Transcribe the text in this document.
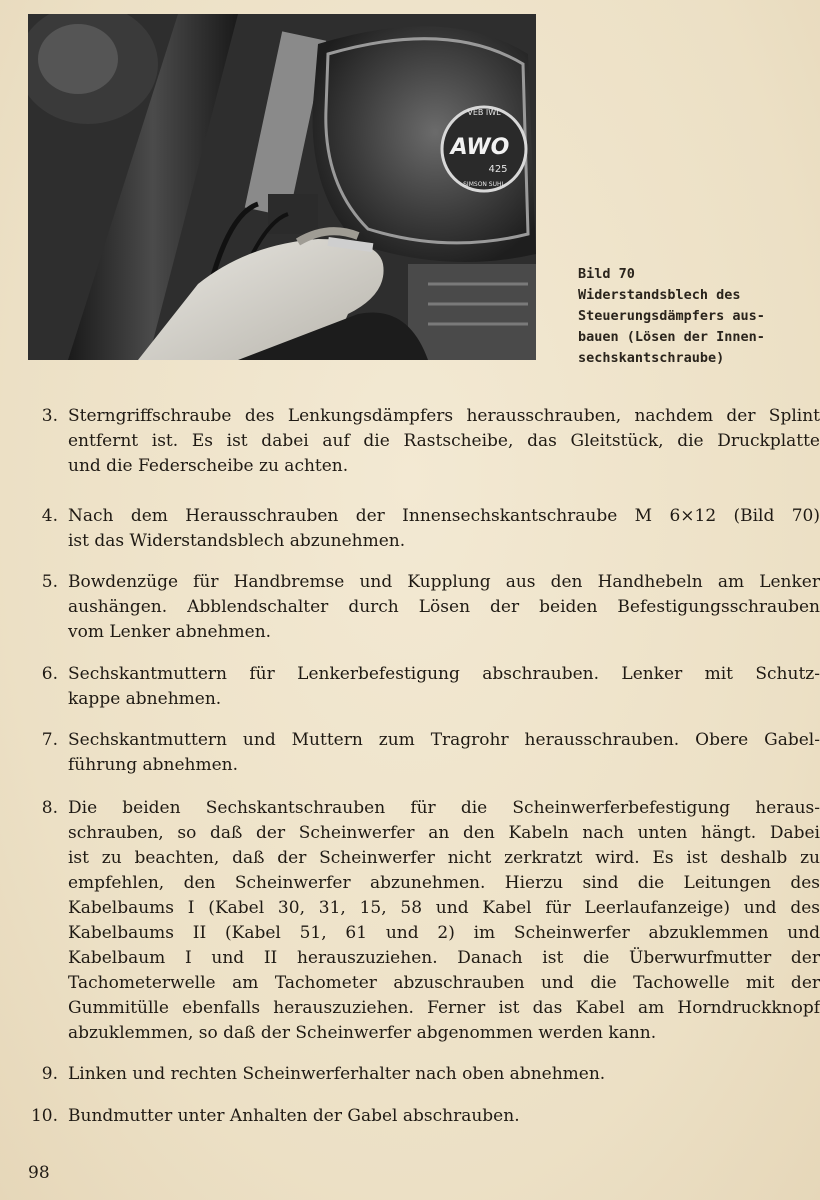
VEB IWL
AWO
425
SIMSON SUHL
Bild 70
Widerstandsblech des
Steuerungsdämpfers aus-
bauen (Lösen der Innen-
sechskantschraube)
3. Sterngriffschraube des Lenkungsdämpfers herausschrauben, nachdem der Splint
entfernt ist. Es ist dabei auf die Rastscheibe, das Gleitstück, die Druckplatte
und die Federscheibe zu achten.
4. Nach dem Herausschrauben der Innensechskantschraube M 6×12 (Bild 70)
ist das Widerstandsblech abzunehmen.
5. Bowdenzüge für Handbremse und Kupplung aus den Handhebeln am Lenker
aushängen. Abblendschalter durch Lösen der beiden Befestigungsschrauben
vom Lenker abnehmen.
6. Sechskantmuttern für Lenkerbefestigung abschrauben. Lenker mit Schutz-
kappe abnehmen.
7. Sechskantmuttern und Muttern zum Tragrohr herausschrauben. Obere Gabel-
führung abnehmen.
8. Die beiden Sechskantschrauben für die Scheinwerferbefestigung heraus-
schrauben, so daß der Scheinwerfer an den Kabeln nach unten hängt. Dabei
ist zu beachten, daß der Scheinwerfer nicht zerkratzt wird. Es ist deshalb zu
empfehlen, den Scheinwerfer abzunehmen. Hierzu sind die Leitungen des
Kabelbaums I (Kabel 30, 31, 15, 58 und Kabel für Leerlaufanzeige) und des
Kabelbaums II (Kabel 51, 61 und 2) im Scheinwerfer abzuklemmen und
Kabelbaum I und II herauszuziehen. Danach ist die Überwurfmutter der
Tachometerwelle am Tachometer abzuschrauben und die Tachowelle mit der
Gummitülle ebenfalls herauszuziehen. Ferner ist das Kabel am Horndruckknopf
abzuklemmen, so daß der Scheinwerfer abgenommen werden kann.
9. Linken und rechten Scheinwerferhalter nach oben abnehmen.
10. Bundmutter unter Anhalten der Gabel abschrauben.
98
